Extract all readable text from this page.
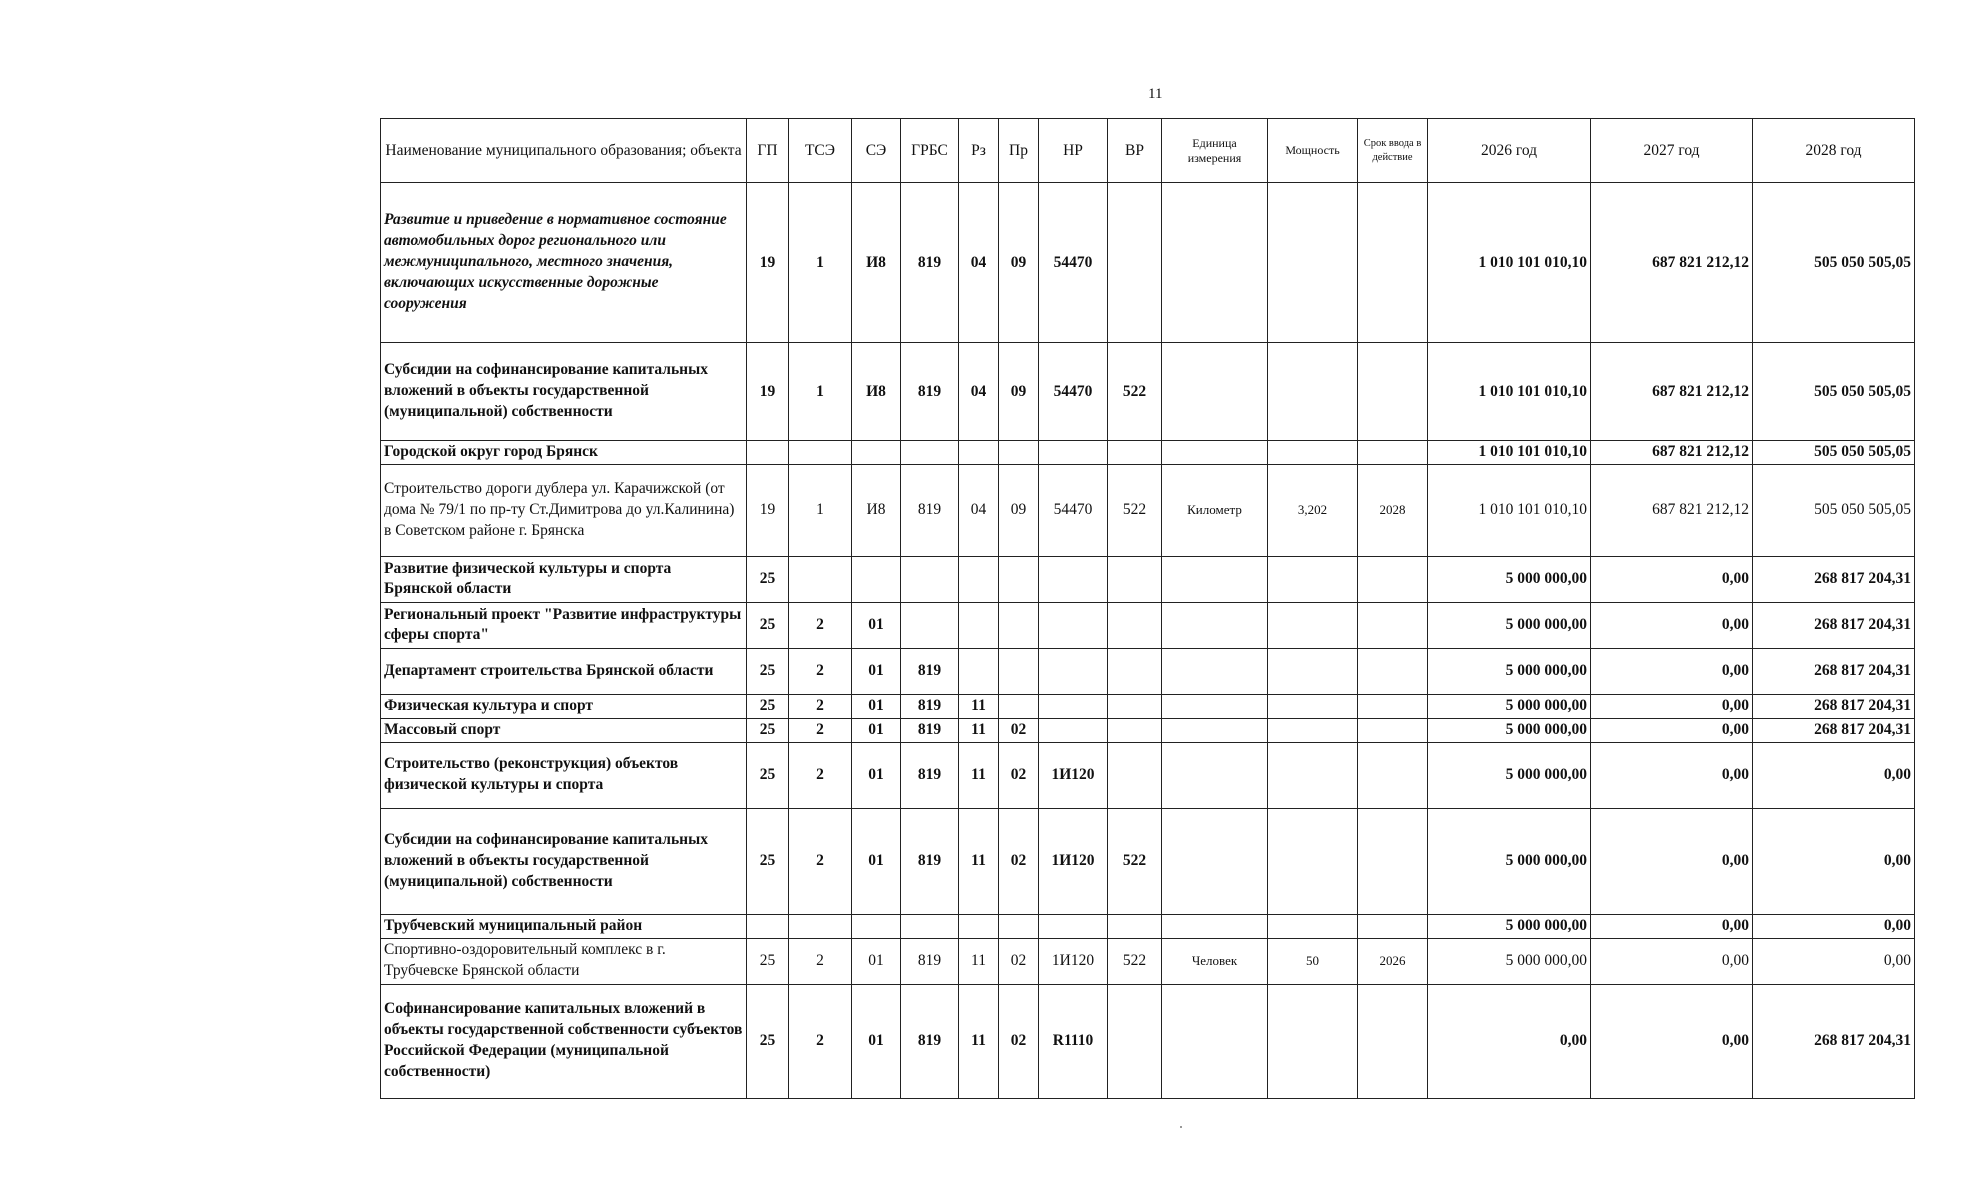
11
Наименование муниципального образования; объекта	ГП	ТСЭ	СЭ	ГРБС	Рз	Пр	НР	ВР	Единица измерения	Мощность	Срок ввода в действие	2026 год	2027 год	2028 год
Развитие и приведение в нормативное состояние автомобильных дорог регионального или межмуниципального, местного значения, включающих искусственные дорожные сооружения	19	1	И8	819	04	09	54470					1 010 101 010,10	687 821 212,12	505 050 505,05
Субсидии на софинансирование капитальных вложений в объекты государственной (муниципальной) собственности	19	1	И8	819	04	09	54470	522				1 010 101 010,10	687 821 212,12	505 050 505,05
Городской округ город Брянск												1 010 101 010,10	687 821 212,12	505 050 505,05
Строительство дороги дублера ул. Карачижской (от дома № 79/1 по пр-ту Ст.Димитрова до ул.Калинина) в Советском районе г. Брянска	19	1	И8	819	04	09	54470	522	Километр	3,202	2028	1 010 101 010,10	687 821 212,12	505 050 505,05
Развитие физической культуры и спорта Брянской области	25											5 000 000,00	0,00	268 817 204,31
Региональный проект "Развитие инфраструктуры сферы спорта"	25	2	01									5 000 000,00	0,00	268 817 204,31
Департамент строительства Брянской области	25	2	01	819								5 000 000,00	0,00	268 817 204,31
Физическая культура и спорт	25	2	01	819	11							5 000 000,00	0,00	268 817 204,31
Массовый спорт	25	2	01	819	11	02						5 000 000,00	0,00	268 817 204,31
Строительство (реконструкция) объектов физической культуры и спорта	25	2	01	819	11	02	1И120					5 000 000,00	0,00	0,00
Субсидии на софинансирование капитальных вложений в объекты государственной (муниципальной) собственности	25	2	01	819	11	02	1И120	522				5 000 000,00	0,00	0,00
Трубчевский муниципальный район												5 000 000,00	0,00	0,00
Спортивно-оздоровительный комплекс в г. Трубчевске Брянской области	25	2	01	819	11	02	1И120	522	Человек	50	2026	5 000 000,00	0,00	0,00
Софинансирование капитальных вложений в объекты государственной собственности субъектов Российской Федерации (муниципальной собственности)	25	2	01	819	11	02	R1110					0,00	0,00	268 817 204,31
